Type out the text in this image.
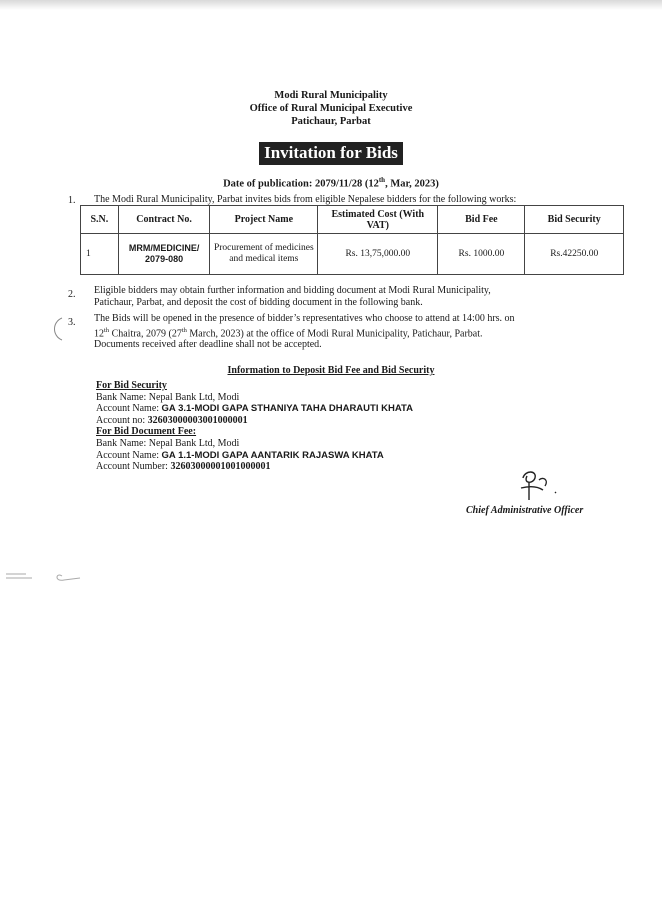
Modi Rural Municipality
Office of Rural Municipal Executive
Patichaur, Parbat
Invitation for Bids
Date of publication: 2079/11/28 (12th, Mar, 2023)
1. The Modi Rural Municipality, Parbat invites bids from eligible Nepalese bidders for the following works:
S.N.	Contract No.	Project Name	Estimated Cost (With VAT)	Bid Fee	Bid Security
1	MRM/MEDICINE/ 2079-080	Procurement of medicines and medical items	Rs. 13,75,000.00	Rs. 1000.00	Rs.42250.00
2. Eligible bidders may obtain further information and bidding document at Modi Rural Municipality,
Patichaur, Parbat, and deposit the cost of bidding document in the following bank.
3. The Bids will be opened in the presence of bidder’s representatives who choose to attend at 14:00 hrs. on
12th Chaitra, 2079 (27th March, 2023) at the office of Modi Rural Municipality, Patichaur, Parbat.
Documents received after deadline shall not be accepted.
Information to Deposit Bid Fee and Bid Security
For Bid Security
Bank Name: Nepal Bank Ltd, Modi
Account Name: GA 3.1-MODI GAPA STHANIYA TAHA DHARAUTI KHATA
Account no: 32603000003001000001
For Bid Document Fee:
Bank Name: Nepal Bank Ltd, Modi
Account Name: GA 1.1-MODI GAPA AANTARIK RAJASWA KHATA
Account Number: 32603000001001000001
Chief Administrative Officer
